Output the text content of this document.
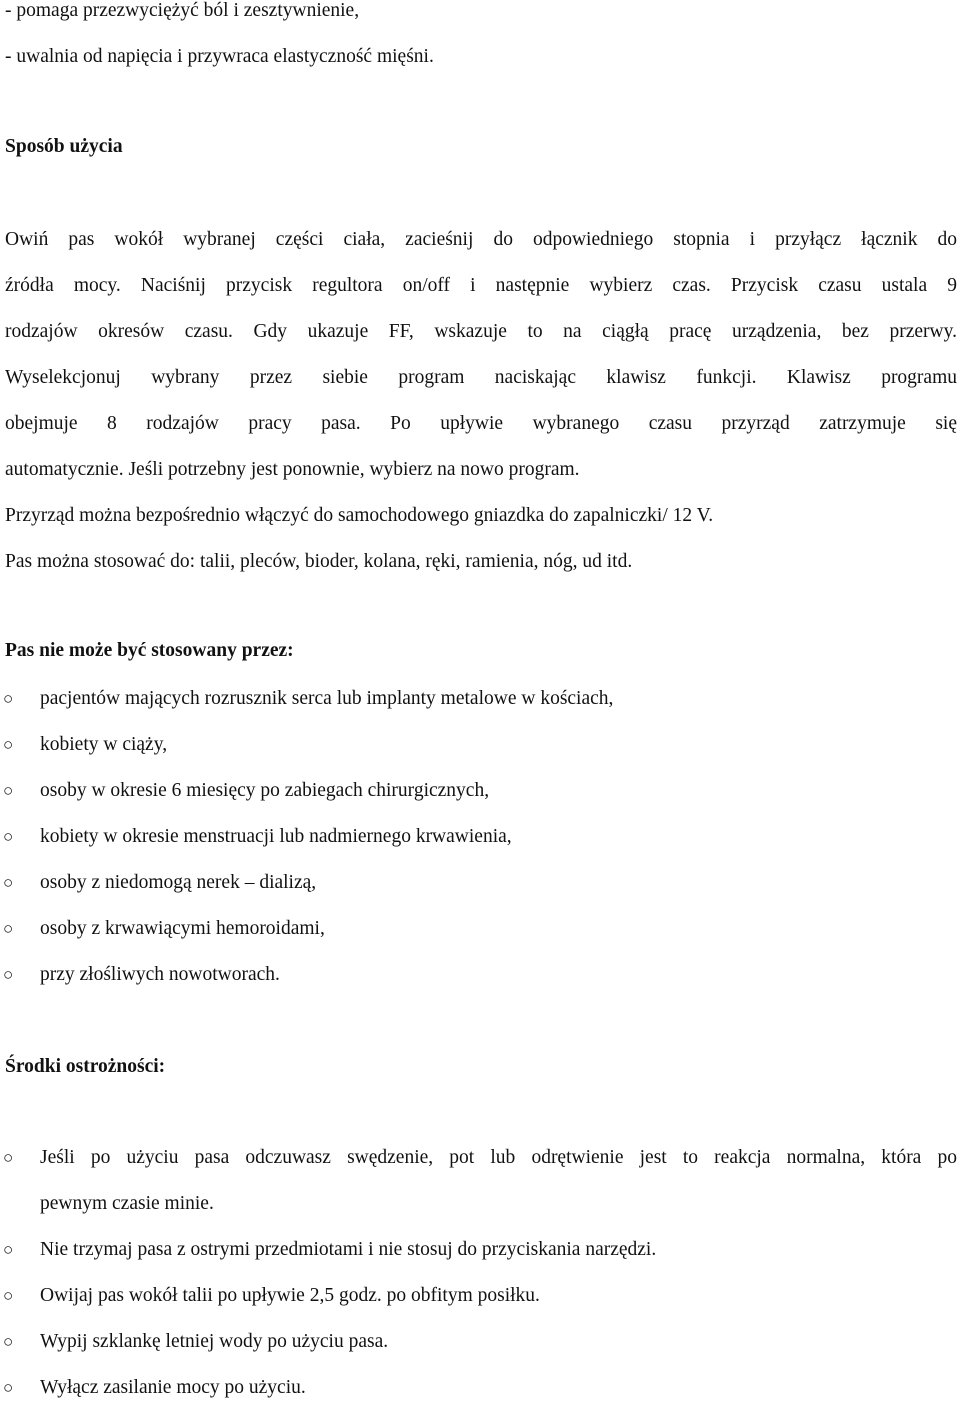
- pomaga przezwyciężyć ból i zesztywnienie,

- uwalnia od napięcia i przywraca elastyczność mięśni.

Sposób użycia
Owiń pas wokół wybranej części ciała, zacieśnij do odpowiedniego stopnia i przyłącz łącznik do
źródła mocy. Naciśnij przycisk regultora on/off i następnie wybierz czas. Przycisk czasu ustala 9
rodzajów okresów czasu. Gdy ukazuje FF, wskazuje to na ciągłą pracę urządzenia, bez przerwy.
Wyselekcjonuj wybrany przez siebie program naciskając klawisz funkcji. Klawisz programu
obejmuje 8 rodzajów pracy pasa. Po upływie wybranego czasu przyrząd zatrzymuje się
automatycznie. Jeśli potrzebny jest ponownie, wybierz na nowo program.
Przyrząd można bezpośrednio włączyć do samochodowego gniazdka do zapalniczki/ 12 V.
Pas można stosować do: talii, pleców, bioder, kolana, ręki, ramienia, nóg, ud itd.
Pas nie może być stosowany przez:
○ pacjentów mających rozrusznik serca lub implanty metalowe w kościach,
○ kobiety w ciąży,
○ osoby w okresie 6 miesięcy po zabiegach chirurgicznych,
○ kobiety w okresie menstruacji lub nadmiernego krwawienia,
○ osoby z niedomogą nerek – dializą,
○ osoby z krwawiącymi hemoroidami,
○ przy złośliwych nowotworach.
Środki ostrożności:
○ Jeśli po użyciu pasa odczuwasz swędzenie, pot lub odrętwienie jest to reakcja normalna, która po
pewnym czasie minie.
○ Nie trzymaj pasa z ostrymi przedmiotami i nie stosuj do przyciskania narzędzi.
○ Owijaj pas wokół talii po upływie 2,5 godz. po obfitym posiłku.
○ Wypij szklankę letniej wody po użyciu pasa.
○ Wyłącz zasilanie mocy po użyciu.
